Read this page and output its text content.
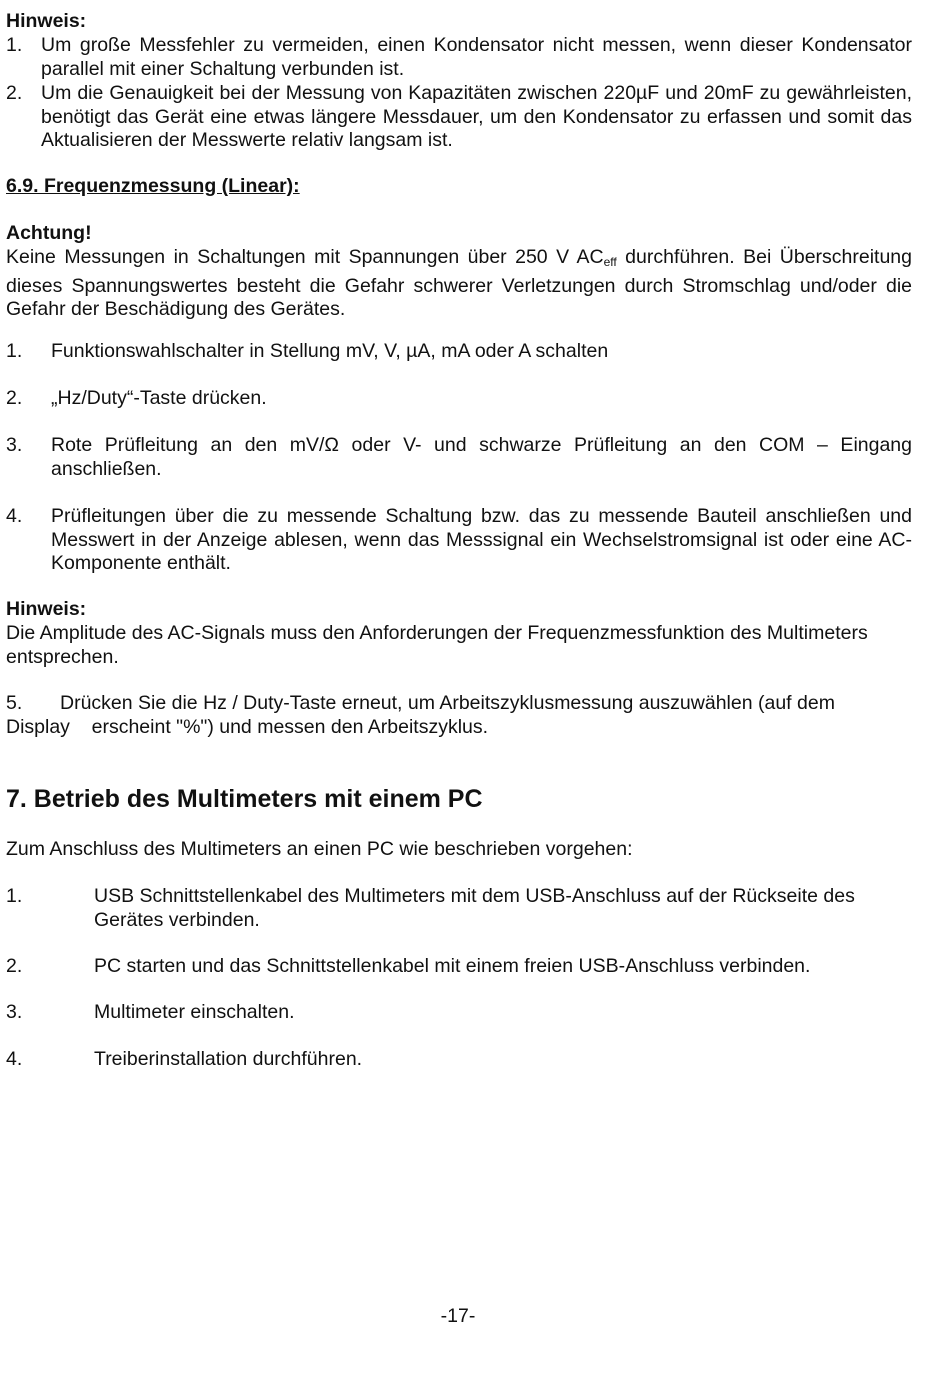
Hinweis:
1. Um große Messfehler zu vermeiden, einen Kondensator nicht messen, wenn dieser Kondensator parallel mit einer Schaltung verbunden ist.
2. Um die Genauigkeit bei der Messung von Kapazitäten zwischen 220µF und 20mF zu gewährleisten, benötigt das Gerät eine etwas längere Messdauer, um den Kondensator zu erfassen und somit das Aktualisieren der Messwerte relativ langsam ist.
6.9. Frequenzmessung (Linear):
Achtung!
Keine Messungen in Schaltungen mit Spannungen über 250 V $AC_{eff}$ durchführen. Bei Überschreitung dieses Spannungswertes besteht die Gefahr schwerer Verletzungen durch Stromschlag und/oder die Gefahr der Beschädigung des Gerätes.
1.	Funktionswahlschalter in Stellung mV, V, µA, mA oder A schalten
2.	„Hz/Duty“-Taste drücken.
3.	Rote Prüfleitung an den mV/Ω oder V- und schwarze Prüfleitung an den COM – Eingang anschließen.
4.	Prüfleitungen über die zu messende Schaltung bzw. das zu messende Bauteil anschließen und Messwert in der Anzeige ablesen, wenn das Messsignal ein Wechselstromsignal ist oder eine AC-Komponente enthält.
Hinweis:
Die Amplitude des AC-Signals muss den Anforderungen der Frequenzmessfunktion des Multimeters entsprechen.
5. Drücken Sie die Hz / Duty-Taste erneut, um Arbeitszyklusmessung auszuwählen (auf dem
Display    erscheint "%") und messen den Arbeitszyklus.
7. Betrieb des Multimeters mit einem PC
Zum Anschluss des Multimeters an einen PC wie beschrieben vorgehen:
1.	USB Schnittstellenkabel des Multimeters mit dem USB-Anschluss auf der Rückseite des Gerätes verbinden.
2.	PC starten und das Schnittstellenkabel mit einem freien USB-Anschluss verbinden.
3.	Multimeter einschalten.
4.	Treiberinstallation durchführen.
-17-
